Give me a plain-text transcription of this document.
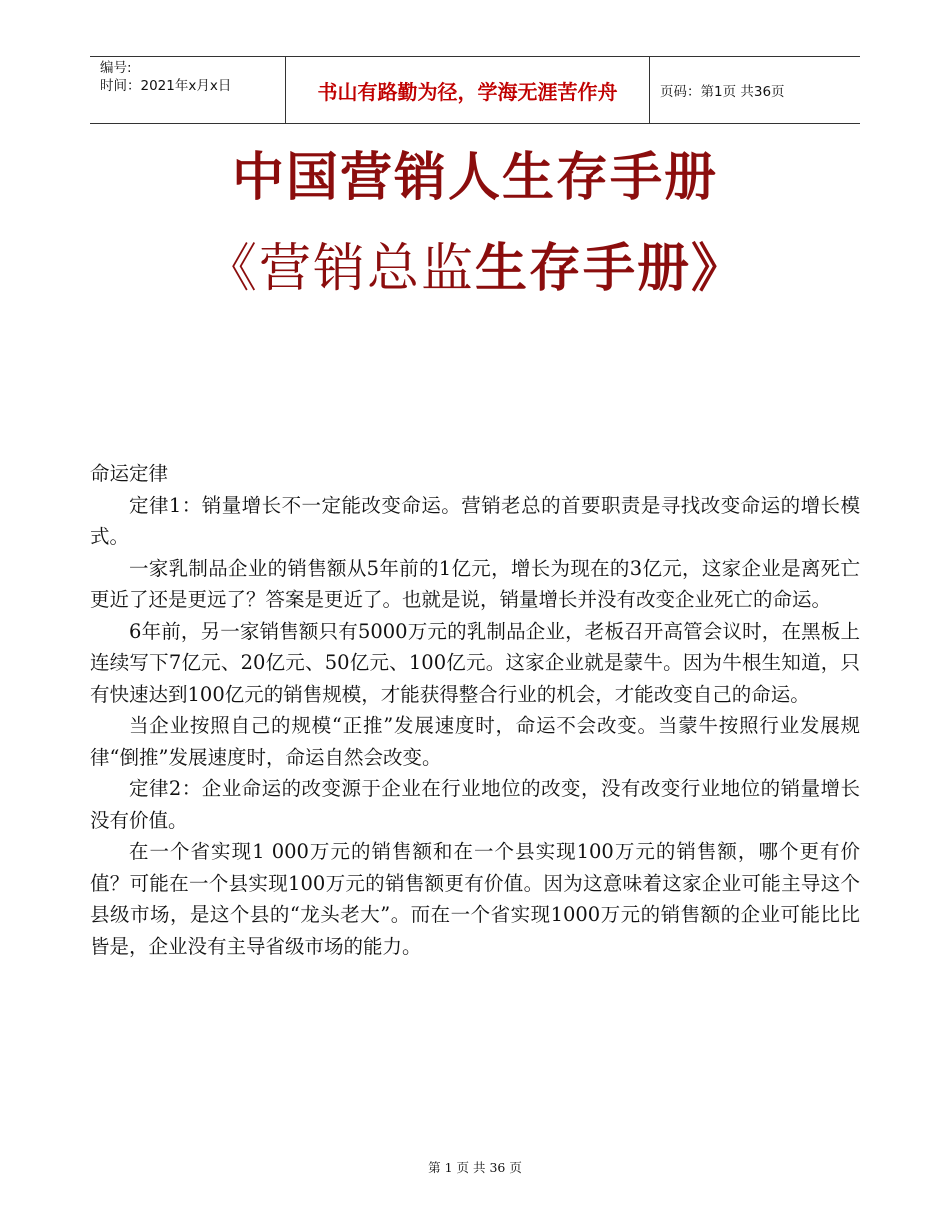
编号:
时间：2021年x月x日	书山有路勤为径，学海无涯苦作舟	页码：第1页 共36页
中国营销人生存手册
《营销总监生存手册》

命运定律

定律1：销量增长不一定能改变命运。营销老总的首要职责是寻找改变命运的增长模式。

一家乳制品企业的销售额从5年前的1亿元，增长为现在的3亿元，这家企业是离死亡更近了还是更远了？答案是更近了。也就是说，销量增长并没有改变企业死亡的命运。

6年前，另一家销售额只有5000万元的乳制品企业，老板召开高管会议时，在黑板上连续写下7亿元、20亿元、50亿元、100亿元。这家企业就是蒙牛。因为牛根生知道，只有快速达到100亿元的销售规模，才能获得整合行业的机会，才能改变自己的命运。

当企业按照自己的规模“正推”发展速度时，命运不会改变。当蒙牛按照行业发展规律“倒推”发展速度时，命运自然会改变。

定律2：企业命运的改变源于企业在行业地位的改变，没有改变行业地位的销量增长没有价值。

在一个省实现1 000万元的销售额和在一个县实现100万元的销售额，哪个更有价值？可能在一个县实现100万元的销售额更有价值。因为这意味着这家企业可能主导这个县级市场，是这个县的“龙头老大”。而在一个省实现1000万元的销售额的企业可能比比皆是，企业没有主导省级市场的能力。

第 1 页 共 36 页
